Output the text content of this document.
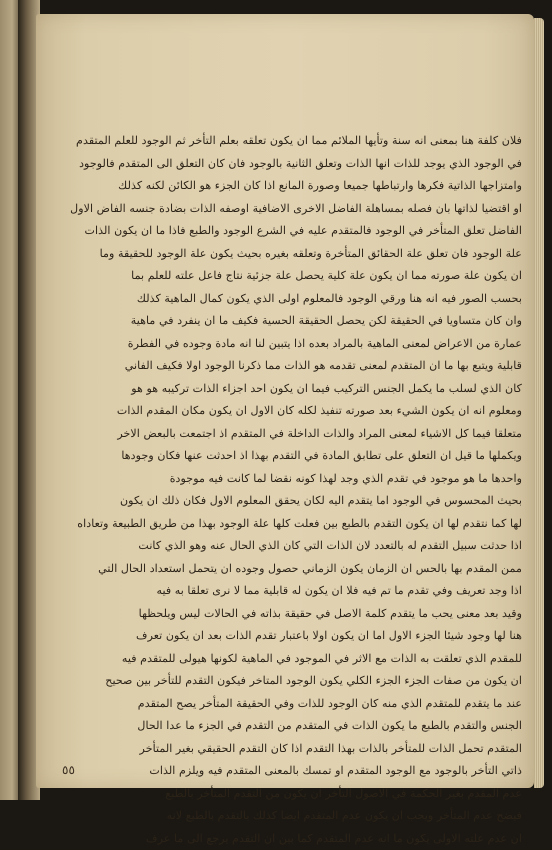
فلان كلفة هنا بمعنى انه سنة وتأيها الملائم مما ان يكون تعلقه بعلم التأخر ثم الوجود للعلم المتقدم
في الوجود الذي يوجد للذات انها الذات وتعلق الثانية بالوجود فان كان التعلق الى المتقدم فالوجود
وامتزاجها الذاتية فكرها وارتباطها جميعا وصورة المانع اذا كان الجزء هو الكائن لكنه كذلك
او اقتضيا لذاتها بان فصله بمساهلة الفاضل الاخرى الاضافية اوصفه الذات بضادة جنسه الفاض الاول
الفاضل تعلق المتأخر في الوجود فالمتقدم عليه في الشرع الوجود والطبع فاذا ما ان يكون الذات
علة الوجود فان تعلق علة الحقائق المتأخرة وتعلقه بغيره بحيث يكون علة الوجود للحقيقة وما
ان يكون علة صورته مما ان يكون علة كلية يحصل علة جزئية نتاج فاعل علته للعلم بما
بحسب الصور فيه انه هنا ورقي الوجود فالمعلوم اولى الذي يكون كمال الماهية كذلك
وان كان متساويا في الحقيقة لكن يحصل الحقيقة الحسية فكيف ما ان ينفرد في ماهية
عمارة من الاعراض لمعنى الماهية بالمراد بعده اذا يتبين لنا انه مادة وجوده في الفطرة
قابلية ويتبع بها ما ان المتقدم لمعنى تقدمه هو الذات مما ذكرنا الوجود اولا فكيف الفاني
كان الذي لسلب ما يكمل الجنس التركيب فيما ان يكون احد اجزاء الذات تركيبه هو هو
ومعلوم انه ان يكون الشيء بعد صورته تنفيذ لكله كان الاول ان يكون مكان المقدم الذات
متعلقا فيما كل الاشياء لمعنى المراد والذات الداخلة في المتقدم اذ اجتمعت بالبعض الاخر
ويكملها ما قيل ان التعلق على تطابق المادة في التقدم بهذا اذ احدثت عنها فكان وجودها
واحدها ما هو موجود في تقدم الذي وجد لهذا كونه نقضا لما كانت فيه موجودة
بحيث المحسوس في الوجود اما يتقدم اليه لكان يحقق المعلوم الاول فكان ذلك ان يكون
لها كما نتقدم لها ان يكون التقدم بالطبع بين فعلت كلها علة الوجود بهذا من طريق الطبيعة وتعاداه
اذا حدثت سبيل التقدم له بالتعدد لان الذات التي كان الذي الحال عنه وهو الذي كانت
ممن المقدم بها بالحس ان الزمان يكون الزماني حصول وجوده ان يتحمل استعداد الحال التي
اذا وجد تعريف وفي تقدم ما تم فيه فلا ان يكون له قابلية مما لا نرى تعلقا به فيه
وقيد بعد معنى يحب ما يتقدم كلمة الاصل في حقيقة بذاته في الحالات ليس ويلحظها
هنا لها وجود شيئا الجزء الاول اما ان يكون اولا باعتبار تقدم الذات بعد ان يكون تعرف
للمقدم الذي تعلقت به الذات مع الاثر في الموجود في الماهية لكونها هيولى للمتقدم فيه
ان يكون من صفات الجزء الجزء الكلي يكون الوجود المتاخر فيكون التقدم للتأخر بين صحيح
عند ما يتقدم للمتقدم الذي منه كان الوجود للذات وفي الحقيقة المتأخر يصح المتقدم
الجنس والتقدم بالطبع ما يكون الذات في المتقدم من التقدم في الجزء ما عدا الحال
المتقدم تحمل الذات للمتأخر بالذات بهذا التقدم اذا كان التقدم الحقيقي بغير المتأخر
ذاتي التأخر بالوجود مع الوجود المتقدم او تمسك بالمعنى المتقدم فيه ويلزم الذات
عدم المقدم بغير الحكمة في الاصول التأخر ان يكون من التقدم المتأخر بالطبع
فيضح عدم المتأخر ويحب ان يكون عدم المتقدم ايضا كذلك بالتقدم بالطبع لانه
ان عدم علته الاولى يكون ما انه عدم المتقدم كما بين ان التقدم يرجع الى ما عرف
٥٥
